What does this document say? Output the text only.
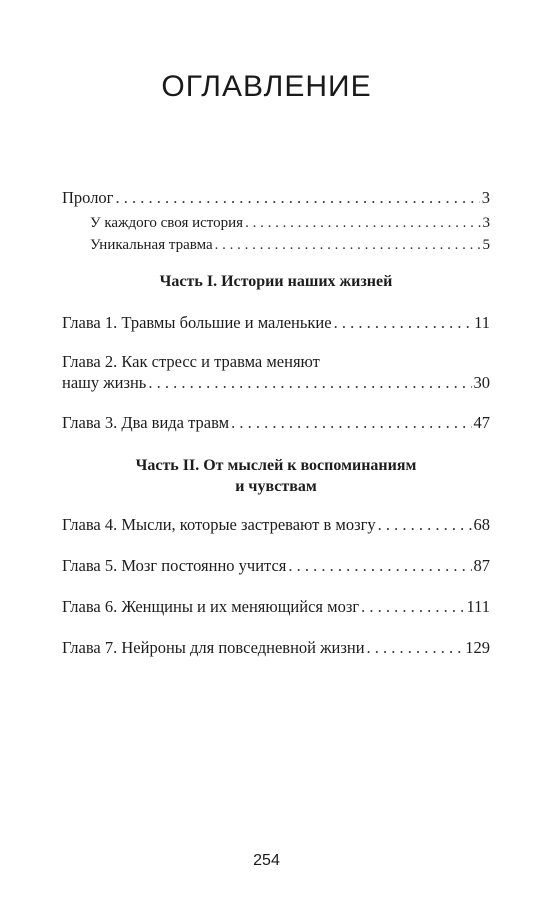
ОГЛАВЛЕНИЕ
Пролог . . .	3
У каждого своя история . . .	3
Уникальная травма . . .	5
Часть I. Истории наших жизней
Глава 1. Травмы большие и маленькие . . .	11
Глава 2. Как стресс и травма меняют
нашу жизнь . . .	30
Глава 3. Два вида травм . . .	47
Часть II. От мыслей к воспоминаниям
и чувствам
Глава 4. Мысли, которые застревают в мозгу . . .	68
Глава 5. Мозг постоянно учится . . .	87
Глава 6. Женщины и их меняющийся мозг . . .	111
Глава 7. Нейроны для повседневной жизни . . .	129
254
